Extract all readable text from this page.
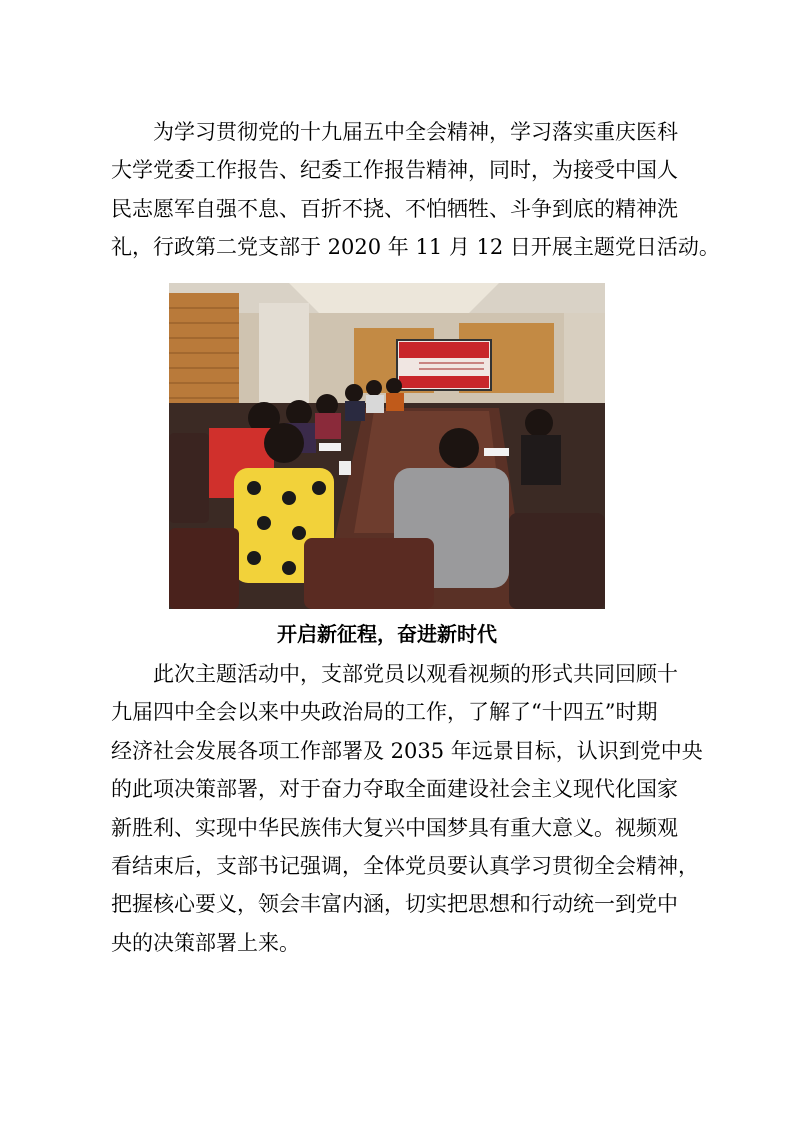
　　为学习贯彻党的十九届五中全会精神，学习落实重庆医科
大学党委工作报告、纪委工作报告精神，同时，为接受中国人
民志愿军自强不息、百折不挠、不怕牺牲、斗争到底的精神洗
礼，行政第二党支部于 2020 年 11 月 12 日开展主题党日活动。
开启新征程，奋进新时代
　　此次主题活动中，支部党员以观看视频的形式共同回顾十
九届四中全会以来中央政治局的工作，了解了“十四五”时期
经济社会发展各项工作部署及 2035 年远景目标，认识到党中央
的此项决策部署，对于奋力夺取全面建设社会主义现代化国家
新胜利、实现中华民族伟大复兴中国梦具有重大意义。视频观
看结束后，支部书记强调，全体党员要认真学习贯彻全会精神，
把握核心要义，领会丰富内涵，切实把思想和行动统一到党中
央的决策部署上来。
